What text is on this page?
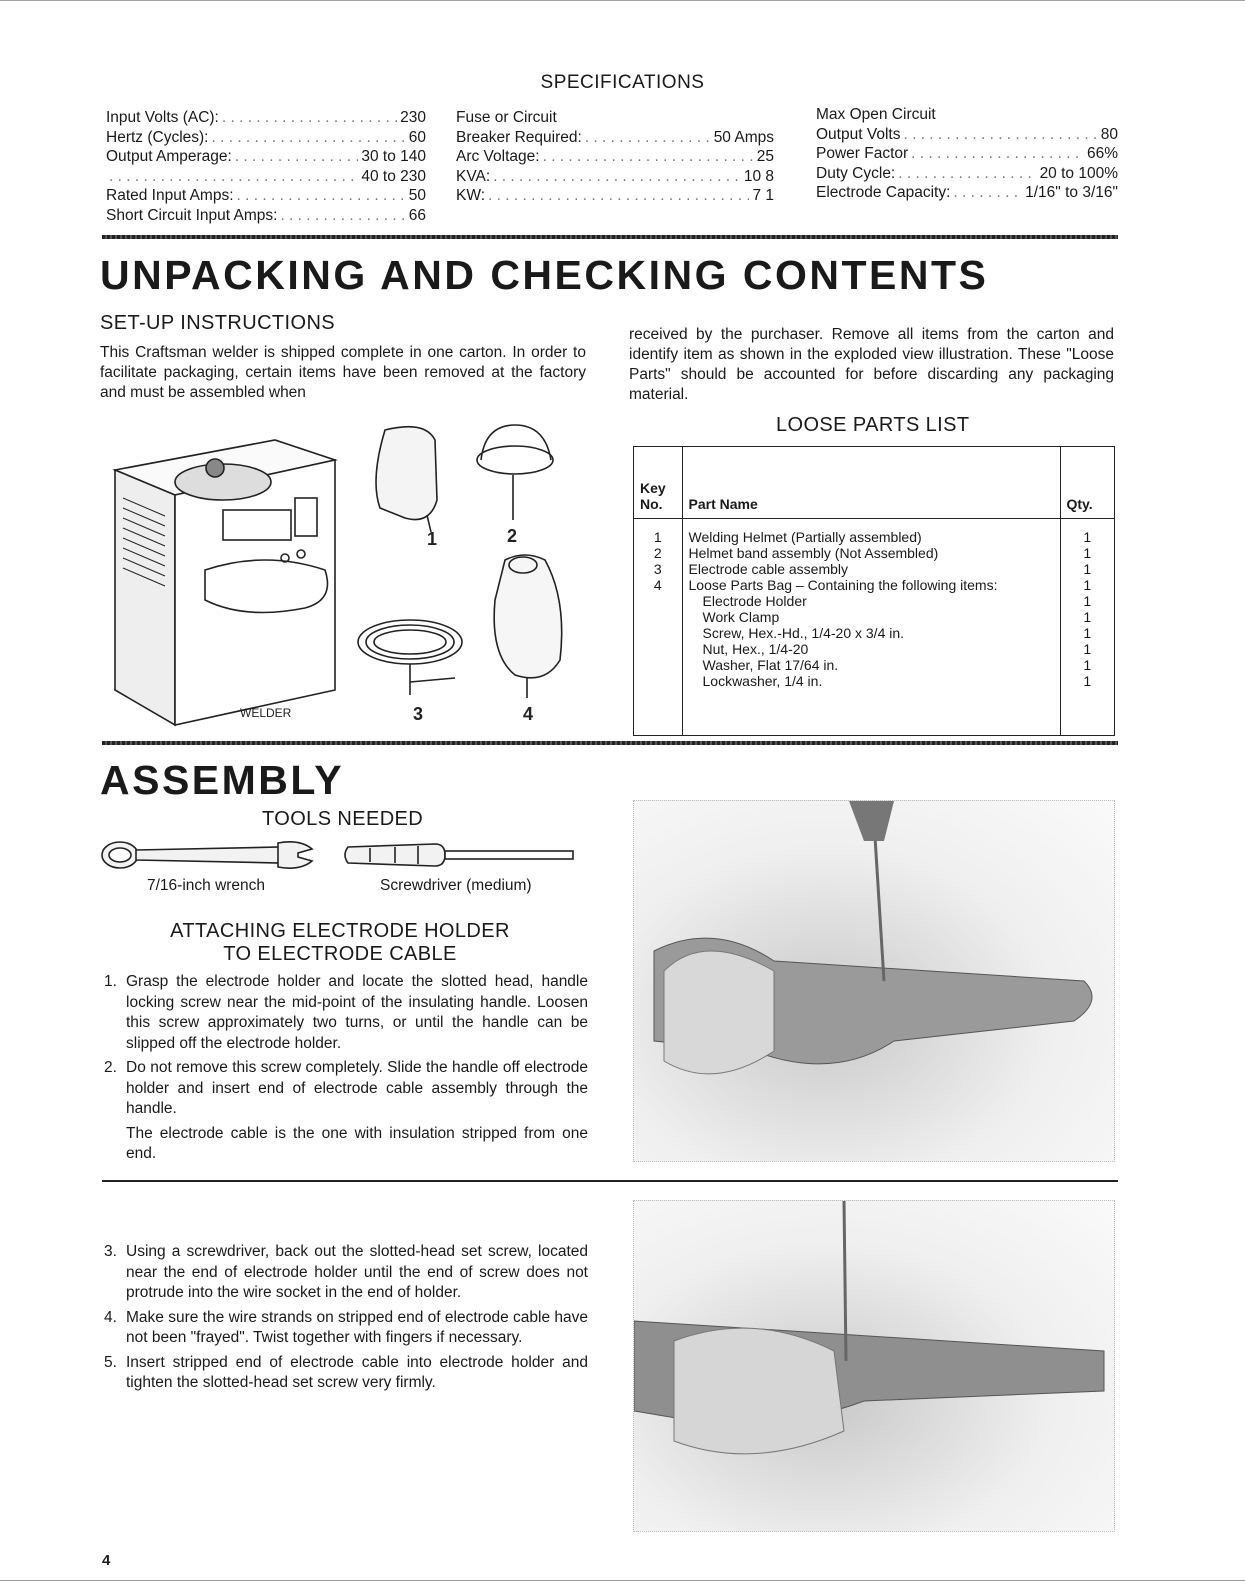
SPECIFICATIONS
Input Volts (AC): . . .	230
Hertz (Cycles): . . .	60
Output Amperage: . . .	30 to 140
. . .
40 to 230
Rated Input Amps: . . .	50
Short Circuit Input Amps: . . .	66
Fuse or Circuit
Breaker Required: . . .	50 Amps
Arc Voltage: . . .	25
KVA: . . .	10 8
KW: . . .	7 1
Max Open Circuit
Output Volts . . .	80
Power Factor . . .	66%
Duty Cycle: . . .	20 to 100%
Electrode Capacity: . . .	1/16" to 3/16"
UNPACKING AND CHECKING CONTENTS
SET-UP INSTRUCTIONS
This Craftsman welder is shipped complete in one carton. In order to facilitate packaging, certain items have been removed at the factory and must be assembled when
received by the purchaser. Remove all items from the carton and identify item as shown in the exploded view illustration. These "Loose Parts" should be accounted for before discarding any packaging material.
WELDER
1	2
3	4
LOOSE PARTS LIST
Key
No.	Part Name	Qty.
1	Welding Helmet (Partially assembled)	1
2	Helmet band assembly (Not Assembled)	1
3	Electrode cable assembly	1
4	Loose Parts Bag – Containing the following items:	1
	Electrode Holder	1
	Work Clamp	1
	Screw, Hex.-Hd., 1/4-20 x 3/4 in.	1
	Nut, Hex., 1/4-20	1
	Washer, Flat 17/64 in.	1
	Lockwasher, 1/4 in.	1

ASSEMBLY
TOOLS NEEDED
7/16-inch wrench	Screwdriver (medium)
ATTACHING ELECTRODE HOLDER
TO ELECTRODE CABLE
1. Grasp the electrode holder and locate the slotted head, handle locking screw near the mid-point of the insulating handle. Loosen this screw approximately two turns, or until the handle can be slipped off the electrode holder.
2. Do not remove this screw completely. Slide the handle off electrode holder and insert end of electrode cable assembly through the handle.
The electrode cable is the one with insulation stripped from one end.
3. Using a screwdriver, back out the slotted-head set screw, located near the end of electrode holder until the end of screw does not protrude into the wire socket in the end of holder.
4. Make sure the wire strands on stripped end of electrode cable have not been "frayed". Twist together with fingers if necessary.
5. Insert stripped end of electrode cable into electrode holder and tighten the slotted-head set screw very firmly.
4
